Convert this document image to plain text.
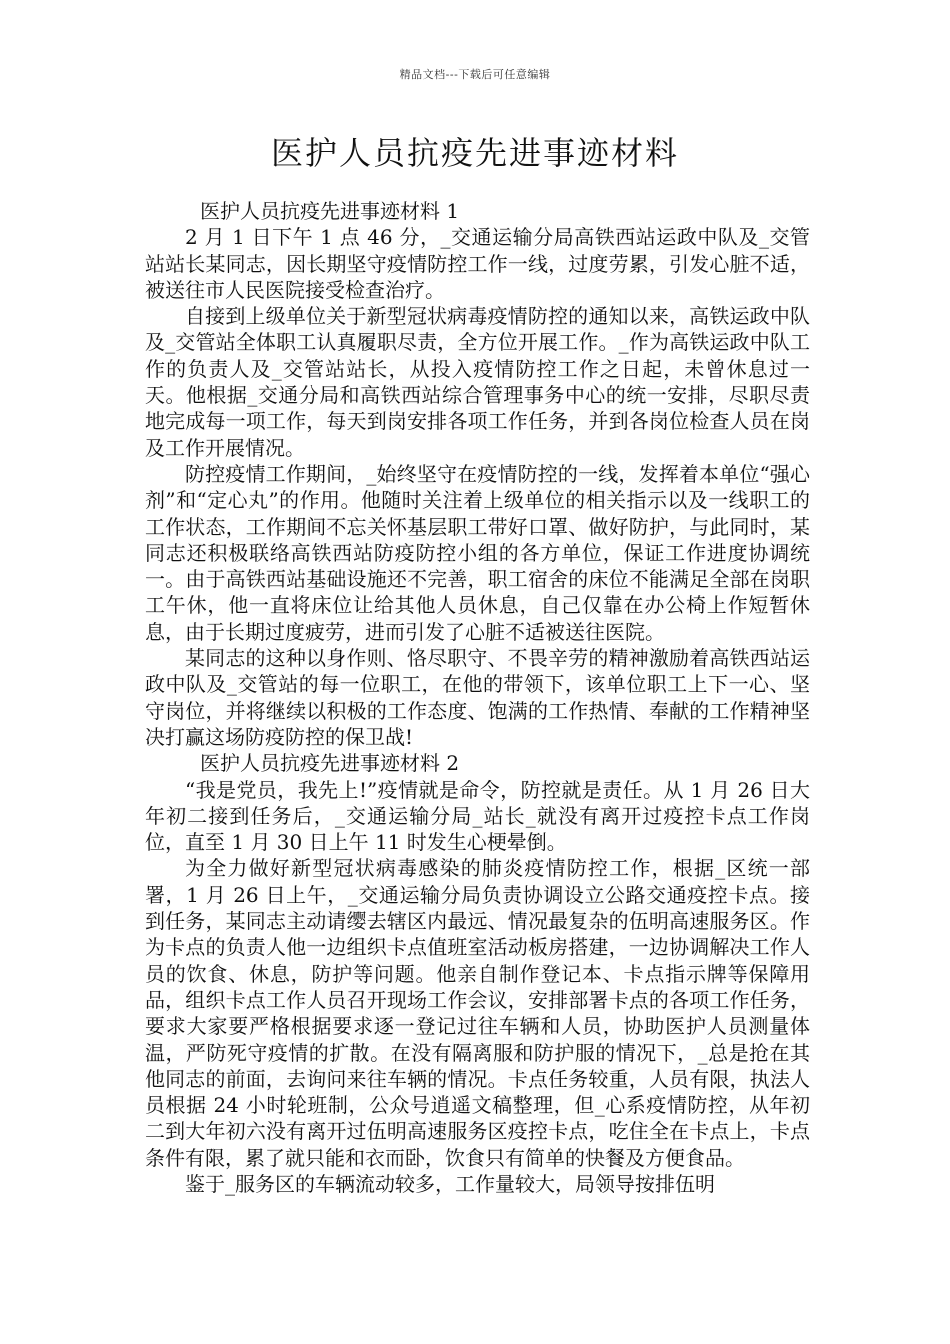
精品文档---下载后可任意编辑
医护人员抗疫先进事迹材料

医护人员抗疫先进事迹材料 1

2 月 1 日下午 1 点 46 分，_交通运输分局高铁西站运政中队及_交管站站长某同志，因长期坚守疫情防控工作一线，过度劳累，引发心脏不适，被送往市人民医院接受检查治疗。

自接到上级单位关于新型冠状病毒疫情防控的通知以来，高铁运政中队及_交管站全体职工认真履职尽责，全方位开展工作。_作为高铁运政中队工作的负责人及_交管站站长，从投入疫情防控工作之日起，未曾休息过一天。他根据_交通分局和高铁西站综合管理事务中心的统一安排，尽职尽责地完成每一项工作，每天到岗安排各项工作任务，并到各岗位检查人员在岗及工作开展情况。

防控疫情工作期间，_始终坚守在疫情防控的一线，发挥着本单位“强心剂”和“定心丸”的作用。他随时关注着上级单位的相关指示以及一线职工的工作状态，工作期间不忘关怀基层职工带好口罩、做好防护，与此同时，某同志还积极联络高铁西站防疫防控小组的各方单位，保证工作进度协调统一。由于高铁西站基础设施还不完善，职工宿舍的床位不能满足全部在岗职工午休，他一直将床位让给其他人员休息，自己仅靠在办公椅上作短暂休息，由于长期过度疲劳，进而引发了心脏不适被送往医院。

某同志的这种以身作则、恪尽职守、不畏辛劳的精神激励着高铁西站运政中队及_交管站的每一位职工，在他的带领下，该单位职工上下一心、坚守岗位，并将继续以积极的工作态度、饱满的工作热情、奉献的工作精神坚决打赢这场防疫防控的保卫战!

医护人员抗疫先进事迹材料 2

“我是党员，我先上!”疫情就是命令，防控就是责任。从 1 月 26 日大年初二接到任务后，_交通运输分局_站长_就没有离开过疫控卡点工作岗位，直至 1 月 30 日上午 11 时发生心梗晕倒。

为全力做好新型冠状病毒感染的肺炎疫情防控工作，根据_区统一部署，1 月 26 日上午，_交通运输分局负责协调设立公路交通疫控卡点。接到任务，某同志主动请缨去辖区内最远、情况最复杂的伍明高速服务区。作为卡点的负责人他一边组织卡点值班室活动板房搭建，一边协调解决工作人员的饮食、休息，防护等问题。他亲自制作登记本、卡点指示牌等保障用品，组织卡点工作人员召开现场工作会议，安排部署卡点的各项工作任务，要求大家要严格根据要求逐一登记过往车辆和人员，协助医护人员测量体温，严防死守疫情的扩散。在没有隔离服和防护服的情况下，_总是抢在其他同志的前面，去询问来往车辆的情况。卡点任务较重，人员有限，执法人员根据 24 小时轮班制，公众号逍遥文稿整理，但_心系疫情防控，从年初二到大年初六没有离开过伍明高速服务区疫控卡点，吃住全在卡点上，卡点条件有限，累了就只能和衣而卧，饮食只有简单的快餐及方便食品。

鉴于_服务区的车辆流动较多，工作量较大，局领导按排伍明
